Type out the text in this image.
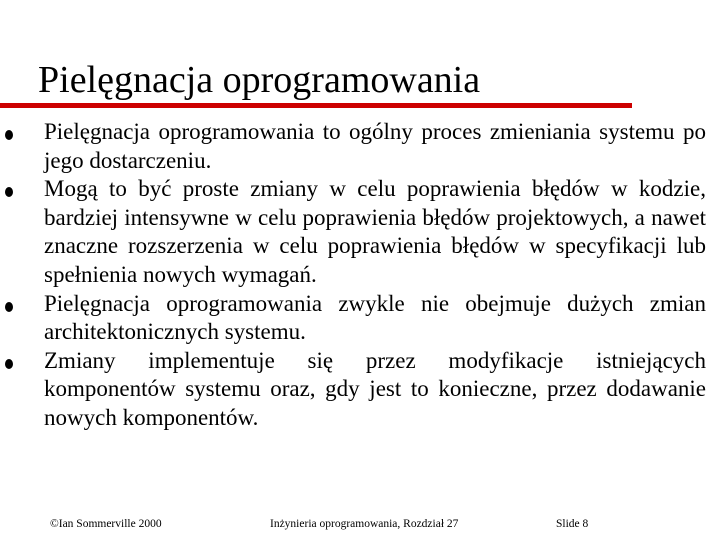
Pielęgnacja oprogramowania
Pielęgnacja oprogramowania to ogólny proces zmieniania systemu po jego dostarczeniu.
Mogą to być proste zmiany w celu poprawienia błędów w kodzie, bardziej intensywne w celu poprawienia błędów projektowych, a nawet znaczne rozszerzenia w celu poprawienia błędów w specyfikacji lub spełnienia nowych wymagań.
Pielęgnacja oprogramowania zwykle nie obejmuje dużych zmian architektonicznych systemu.
Zmiany implementuje się przez modyfikacje istniejących komponentów systemu oraz, gdy jest to konieczne, przez dodawanie nowych komponentów.
©Ian Sommerville 2000	Inżynieria oprogramowania, Rozdział 27	Slide 8
